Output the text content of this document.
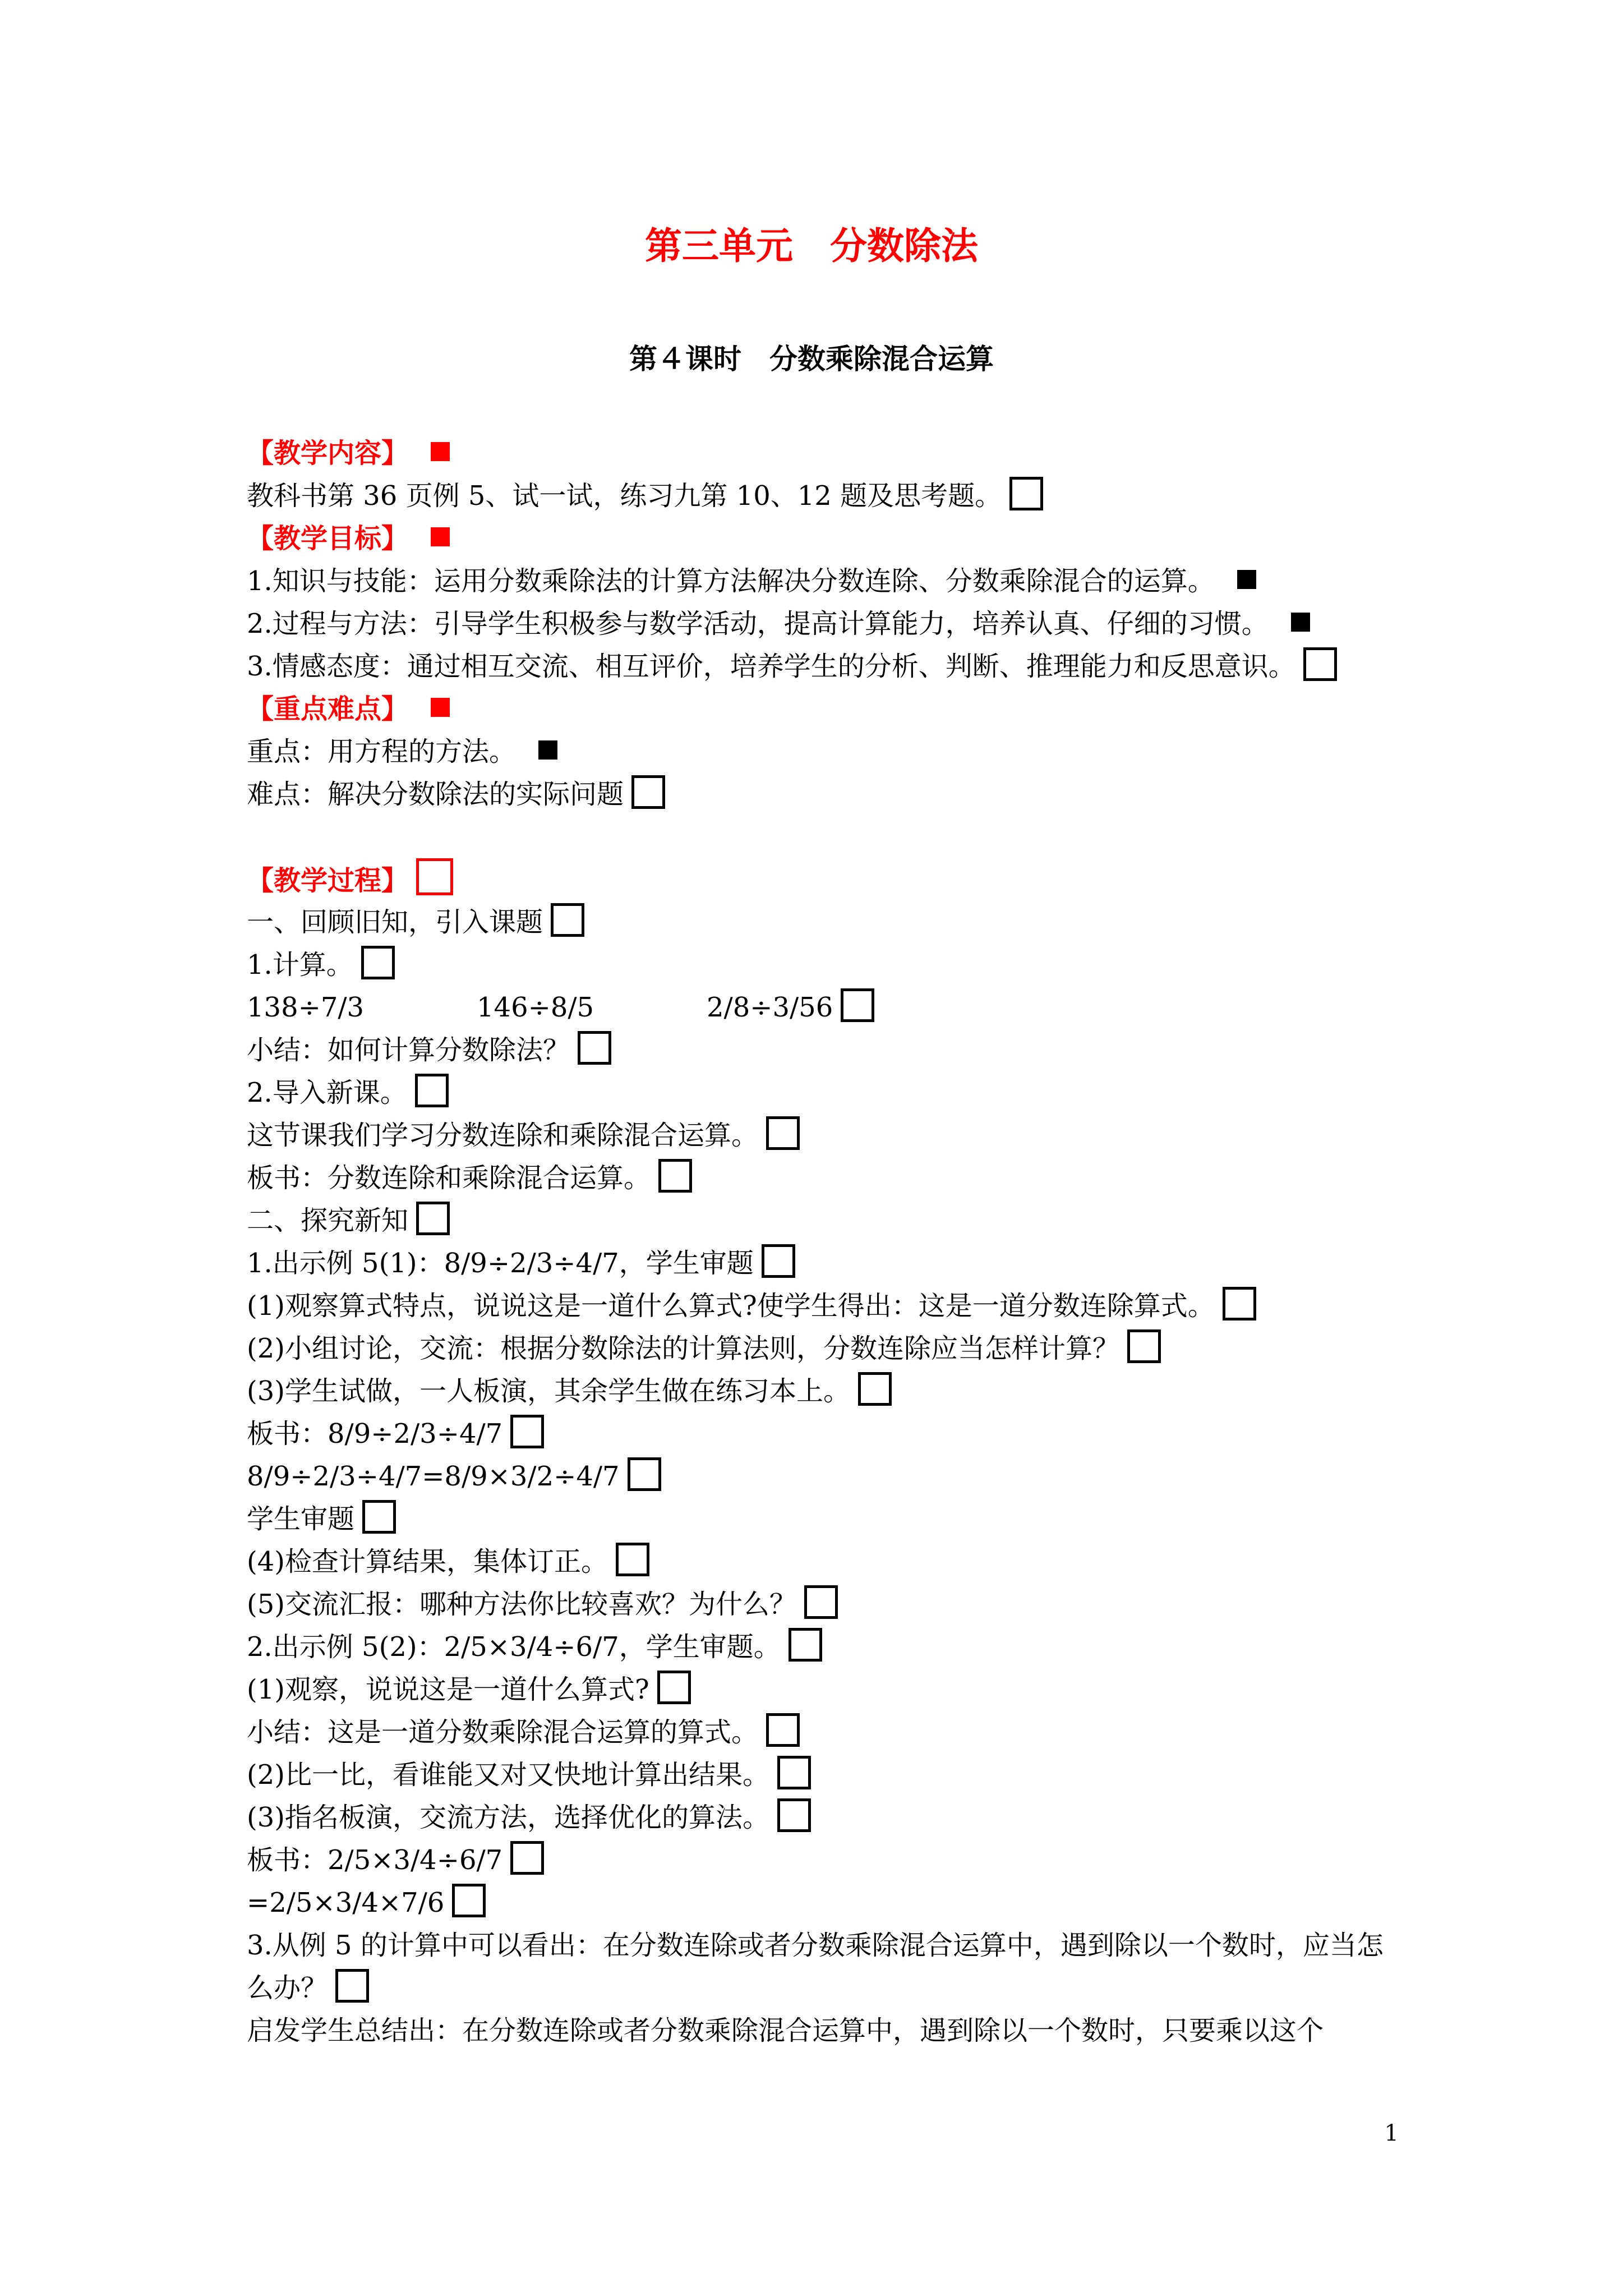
第三单元　分数除法
第４课时　分数乘除混合运算
【教学内容】
教科书第 36 页例 5、试一试，练习九第 10、12 题及思考题。
【教学目标】
1.知识与技能：运用分数乘除法的计算方法解决分数连除、分数乘除混合的运算。
2.过程与方法：引导学生积极参与数学活动，提高计算能力，培养认真、仔细的习惯。
3.情感态度：通过相互交流、相互评价，培养学生的分析、判断、推理能力和反思意识。
【重点难点】
重点：用方程的方法。
难点：解决分数除法的实际问题
【教学过程】
一、回顾旧知，引入课题
1.计算。
138÷7/3	146÷8/5	2/8÷3/56
小结：如何计算分数除法？
2.导入新课。
这节课我们学习分数连除和乘除混合运算。
板书：分数连除和乘除混合运算。
二、探究新知
1.出示例 5(1)：8/9÷2/3÷4/7，学生审题
(1)观察算式特点，说说这是一道什么算式?使学生得出：这是一道分数连除算式。
(2)小组讨论，交流：根据分数除法的计算法则，分数连除应当怎样计算？
(3)学生试做，一人板演，其余学生做在练习本上。
板书：8/9÷2/3÷4/7
8/9÷2/3÷4/7=8/9×3/2÷4/7
学生审题
(4)检查计算结果，集体订正。
(5)交流汇报：哪种方法你比较喜欢？为什么？
2.出示例 5(2)：2/5×3/4÷6/7，学生审题。
(1)观察，说说这是一道什么算式?
小结：这是一道分数乘除混合运算的算式。
(2)比一比，看谁能又对又快地计算出结果。
(3)指名板演，交流方法，选择优化的算法。
板书：2/5×3/4÷6/7
=2/5×3/4×7/6
3.从例 5 的计算中可以看出：在分数连除或者分数乘除混合运算中，遇到除以一个数时，应当怎么办？
启发学生总结出：在分数连除或者分数乘除混合运算中，遇到除以一个数时，只要乘以这个
1
